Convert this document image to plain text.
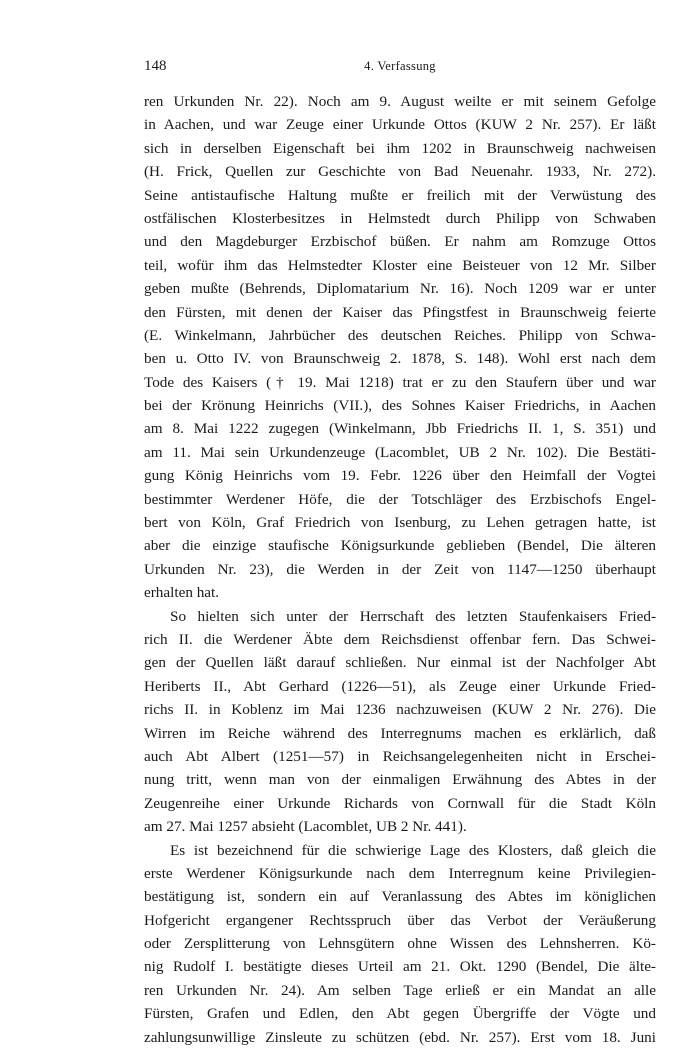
148	4. Verfassung
ren Urkunden Nr. 22). Noch am 9. August weilte er mit seinem Gefolge
in Aachen, und war Zeuge einer Urkunde Ottos (KUW 2 Nr. 257). Er läßt
sich in derselben Eigenschaft bei ihm 1202 in Braunschweig nachweisen
(H. Frick, Quellen zur Geschichte von Bad Neuenahr. 1933, Nr. 272).
Seine antistaufische Haltung mußte er freilich mit der Verwüstung des
ostfälischen Klosterbesitzes in Helmstedt durch Philipp von Schwaben
und den Magdeburger Erzbischof büßen. Er nahm am Romzuge Ottos
teil, wofür ihm das Helmstedter Kloster eine Beisteuer von 12 Mr. Silber
geben mußte (Behrends, Diplomatarium Nr. 16). Noch 1209 war er unter
den Fürsten, mit denen der Kaiser das Pfingstfest in Braunschweig feierte
(E. Winkelmann, Jahrbücher des deutschen Reiches. Philipp von Schwa-
ben u. Otto IV. von Braunschweig 2. 1878, S. 148). Wohl erst nach dem
Tode des Kaisers († 19. Mai 1218) trat er zu den Staufern über und war
bei der Krönung Heinrichs (VII.), des Sohnes Kaiser Friedrichs, in Aachen
am 8. Mai 1222 zugegen (Winkelmann, Jbb Friedrichs II. 1, S. 351) und
am 11. Mai sein Urkundenzeuge (Lacomblet, UB 2 Nr. 102). Die Bestäti-
gung König Heinrichs vom 19. Febr. 1226 über den Heimfall der Vogtei
bestimmter Werdener Höfe, die der Totschläger des Erzbischofs Engel-
bert von Köln, Graf Friedrich von Isenburg, zu Lehen getragen hatte, ist
aber die einzige staufische Königsurkunde geblieben (Bendel, Die älteren
Urkunden Nr. 23), die Werden in der Zeit von 1147—1250 überhaupt
erhalten hat.
So hielten sich unter der Herrschaft des letzten Staufenkaisers Fried-
rich II. die Werdener Äbte dem Reichsdienst offenbar fern. Das Schwei-
gen der Quellen läßt darauf schließen. Nur einmal ist der Nachfolger Abt
Heriberts II., Abt Gerhard (1226—51), als Zeuge einer Urkunde Fried-
richs II. in Koblenz im Mai 1236 nachzuweisen (KUW 2 Nr. 276). Die
Wirren im Reiche während des Interregnums machen es erklärlich, daß
auch Abt Albert (1251—57) in Reichsangelegenheiten nicht in Erschei-
nung tritt, wenn man von der einmaligen Erwähnung des Abtes in der
Zeugenreihe einer Urkunde Richards von Cornwall für die Stadt Köln
am 27. Mai 1257 absieht (Lacomblet, UB 2 Nr. 441).
Es ist bezeichnend für die schwierige Lage des Klosters, daß gleich die
erste Werdener Königsurkunde nach dem Interregnum keine Privilegien-
bestätigung ist, sondern ein auf Veranlassung des Abtes im königlichen
Hofgericht ergangener Rechtsspruch über das Verbot der Veräußerung
oder Zersplitterung von Lehnsgütern ohne Wissen des Lehnsherren. Kö-
nig Rudolf I. bestätigte dieses Urteil am 21. Okt. 1290 (Bendel, Die älte-
ren Urkunden Nr. 24). Am selben Tage erließ er ein Mandat an alle
Fürsten, Grafen und Edlen, den Abt gegen Übergriffe der Vögte und
zahlungsunwillige Zinsleute zu schützen (ebd. Nr. 257). Erst vom 18. Juni
